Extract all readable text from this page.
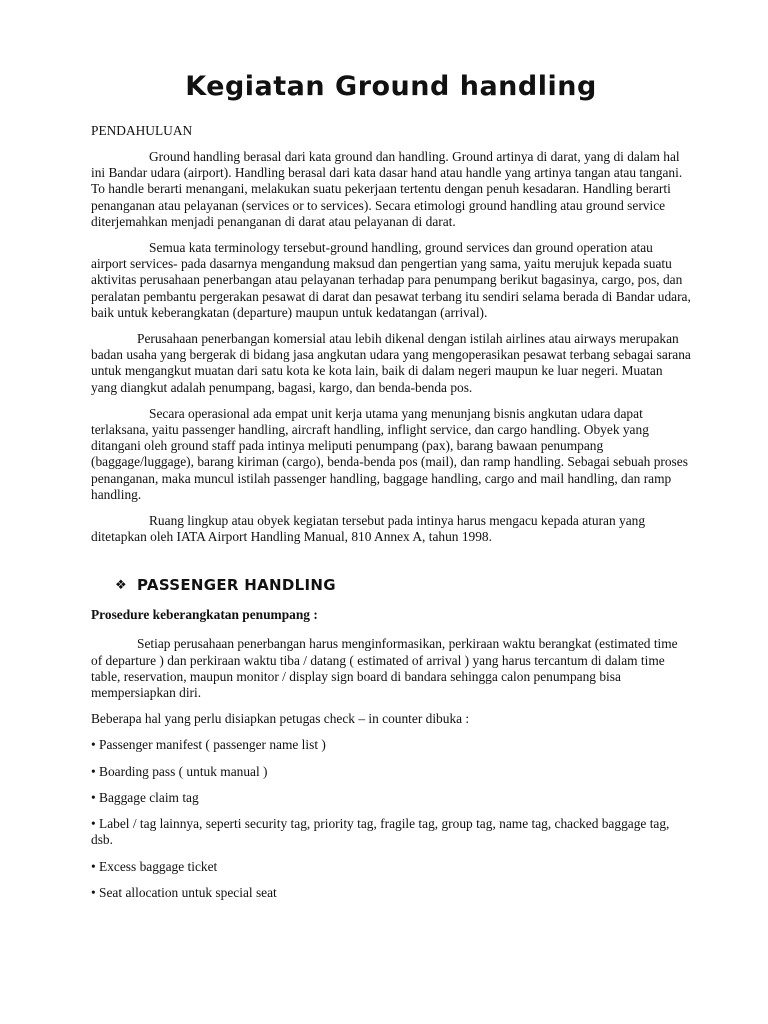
Kegiatan Ground handling

PENDAHULUAN

Ground handling berasal dari kata ground dan handling. Ground artinya di darat, yang di dalam hal ini Bandar udara (airport). Handling berasal dari kata dasar hand atau handle yang artinya tangan atau tangani. To handle berarti menangani, melakukan suatu pekerjaan tertentu dengan penuh kesadaran. Handling berarti penanganan atau pelayanan (services or to services). Secara etimologi ground handling atau ground service diterjemahkan menjadi penanganan di darat atau pelayanan di darat.

Semua kata terminology tersebut-ground handling, ground services dan ground operation atau airport services- pada dasarnya mengandung maksud dan pengertian yang sama, yaitu merujuk kepada suatu aktivitas perusahaan penerbangan atau pelayanan terhadap para penumpang berikut bagasinya, cargo, pos, dan peralatan pembantu pergerakan pesawat di darat dan pesawat terbang itu sendiri selama berada di Bandar udara, baik untuk keberangkatan (departure) maupun untuk kedatangan (arrival).

Perusahaan penerbangan komersial atau lebih dikenal dengan istilah airlines atau airways merupakan badan usaha yang bergerak di bidang jasa angkutan udara yang mengoperasikan pesawat terbang sebagai sarana untuk mengangkut muatan dari satu kota ke kota lain, baik di dalam negeri maupun ke luar negeri. Muatan yang diangkut adalah penumpang, bagasi, kargo, dan benda-benda pos.

Secara operasional ada empat unit kerja utama yang menunjang bisnis angkutan udara dapat terlaksana, yaitu passenger handling, aircraft handling, inflight service, dan cargo handling. Obyek yang ditangani oleh ground staff pada intinya meliputi penumpang (pax), barang bawaan penumpang (baggage/luggage), barang kiriman (cargo), benda-benda pos (mail), dan ramp handling. Sebagai sebuah proses penanganan, maka muncul istilah passenger handling, baggage handling, cargo and mail handling, dan ramp handling.

Ruang lingkup atau obyek kegiatan tersebut pada intinya harus mengacu kepada aturan yang ditetapkan oleh IATA Airport Handling Manual, 810 Annex A, tahun 1998.

❖ PASSENGER HANDLING

Prosedure keberangkatan penumpang :

Setiap perusahaan penerbangan harus menginformasikan, perkiraan waktu berangkat (estimated time of departure ) dan perkiraan waktu tiba / datang ( estimated of arrival ) yang harus tercantum di dalam time table, reservation, maupun monitor / display sign board di bandara sehingga calon penumpang bisa mempersiapkan diri.

Beberapa hal yang perlu disiapkan petugas check – in counter dibuka :

• Passenger manifest ( passenger name list )

• Boarding pass ( untuk manual )

• Baggage claim tag

• Label / tag lainnya, seperti security tag, priority tag, fragile tag, group tag, name tag, chacked baggage tag, dsb.

• Excess baggage ticket

• Seat allocation untuk special seat
